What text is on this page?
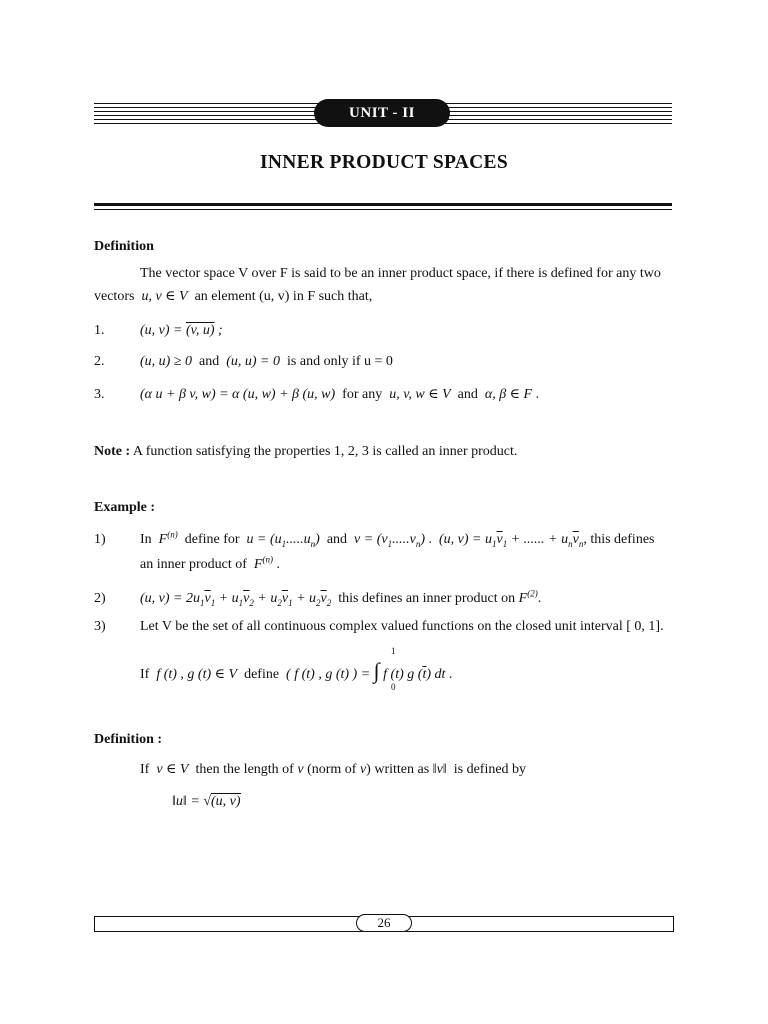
UNIT - II
INNER PRODUCT SPACES
Definition
The vector space V over F is said to be an inner product space, if there is defined for any two
vectors u, v ∈ V an element (u, v) in F such that,
1.	(u, v) = (v, u) ;
2.	(u, u) ≥ 0 and (u, u) = 0 is and only if u = 0
3.	(α u + β v, w) = α (u, w) + β (u, w) for any u, v, w ∈ V and α, β ∈ F .
Note : A function satisfying the properties 1, 2, 3 is called an inner product.
Example :
1) In $F^{(n)}$ define for $u = (u_1.....u_n)$ and $v = (v_1.....v_n)$ .  (u, $v) = u_1\overline{v}_1$ + ...... + $u_n\overline{v}_n$, this defines
an inner product of $F^{(n)}$ .
2) (u, $v) = 2u_1\overline{v}_1 + u_1\overline{v}_2 + u_2\overline{v}_1 + u_2\overline{v}_2$ this defines an inner product on $F^{(2)}$.
3) Let V be the set of all continuous complex valued functions on the closed unit interval [ 0, 1].
If f (t) , g (t) ∈ V define ( f (t) , g (t) ) = ∫ f (t) g $(\overline{t})$ dt .
1
0
Definition :
If v ∈ V then the length of v (norm of v) written as ‖v‖ is defined by
‖u‖ = √(u, v)
26
